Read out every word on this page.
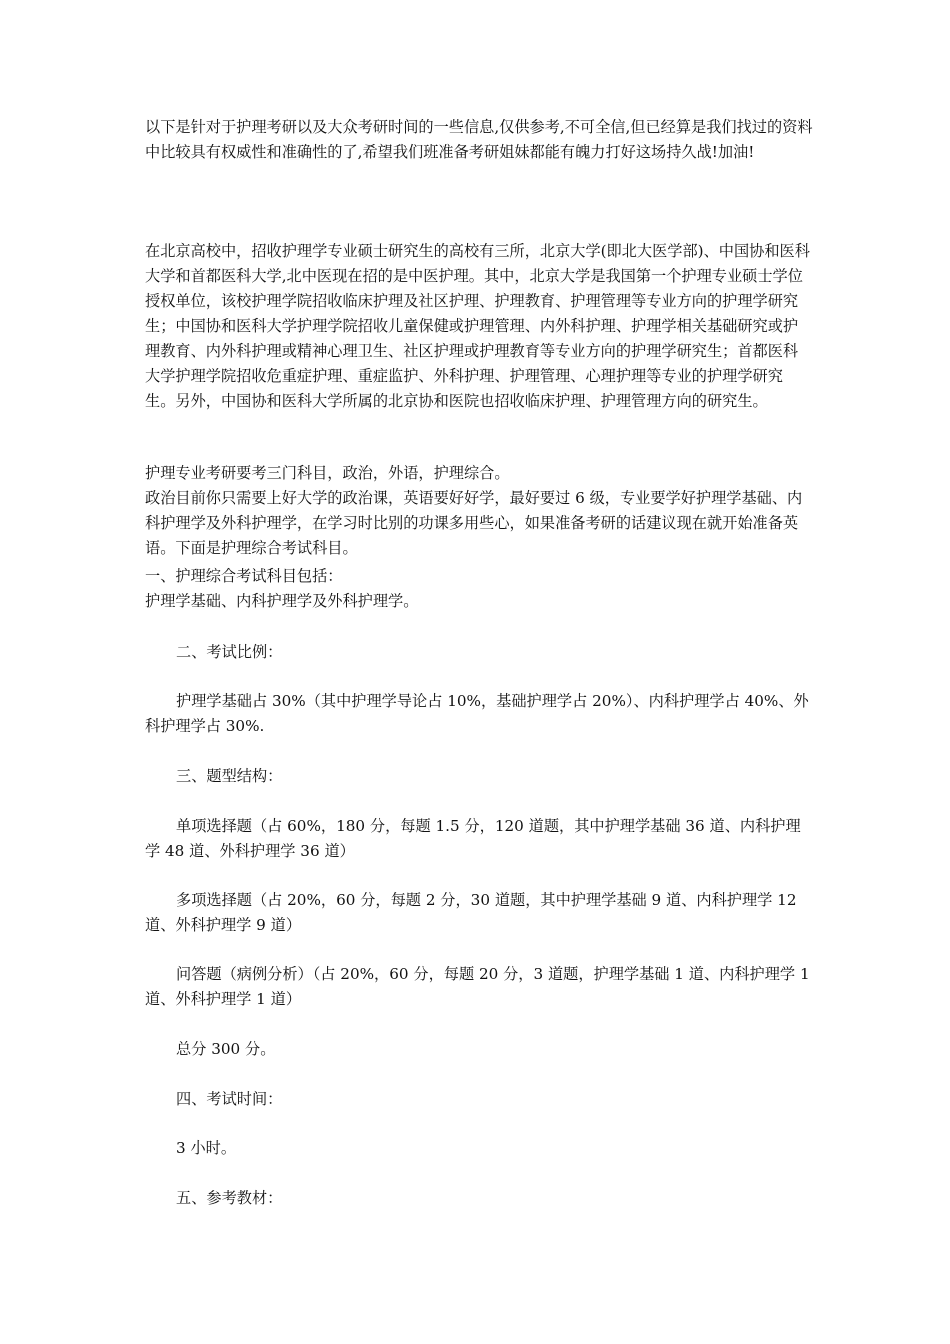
以下是针对于护理考研以及大众考研时间的一些信息,仅供参考,不可全信,但已经算是我们找过的资料中比较具有权威性和准确性的了,希望我们班准备考研姐妹都能有魄力打好这场持久战!加油!

在北京高校中，招收护理学专业硕士研究生的高校有三所，北京大学(即北大医学部)、中国协和医科大学和首都医科大学,北中医现在招的是中医护理。其中，北京大学是我国第一个护理专业硕士学位授权单位，该校护理学院招收临床护理及社区护理、护理教育、护理管理等专业方向的护理学研究生；中国协和医科大学护理学院招收儿童保健或护理管理、内外科护理、护理学相关基础研究或护理教育、内外科护理或精神心理卫生、社区护理或护理教育等专业方向的护理学研究生；首都医科大学护理学院招收危重症护理、重症监护、外科护理、护理管理、心理护理等专业的护理学研究生。另外，中国协和医科大学所属的北京协和医院也招收临床护理、护理管理方向的研究生。

护理专业考研要考三门科目，政治，外语，护理综合。

政治目前你只需要上好大学的政治课，英语要好好学，最好要过 6 级，专业要学好护理学基础、内科护理学及外科护理学，在学习时比别的功课多用些心，如果准备考研的话建议现在就开始准备英语。下面是护理综合考试科目。

一、护理综合考试科目包括：

护理学基础、内科护理学及外科护理学。

二、考试比例：

护理学基础占 30%（其中护理学导论占 10%，基础护理学占 20%）、内科护理学占 40%、外科护理学占 30%.

三、题型结构：

单项选择题（占 60%，180 分，每题 1.5 分，120 道题，其中护理学基础 36 道、内科护理学 48 道、外科护理学 36 道）

多项选择题（占 20%，60 分，每题 2 分，30 道题，其中护理学基础 9 道、内科护理学 12 道、外科护理学 9 道）

问答题（病例分析）（占 20%，60 分，每题 20 分，3 道题，护理学基础 1 道、内科护理学 1 道、外科护理学 1 道）

总分 300 分。

四、考试时间：

3 小时。

五、参考教材：
